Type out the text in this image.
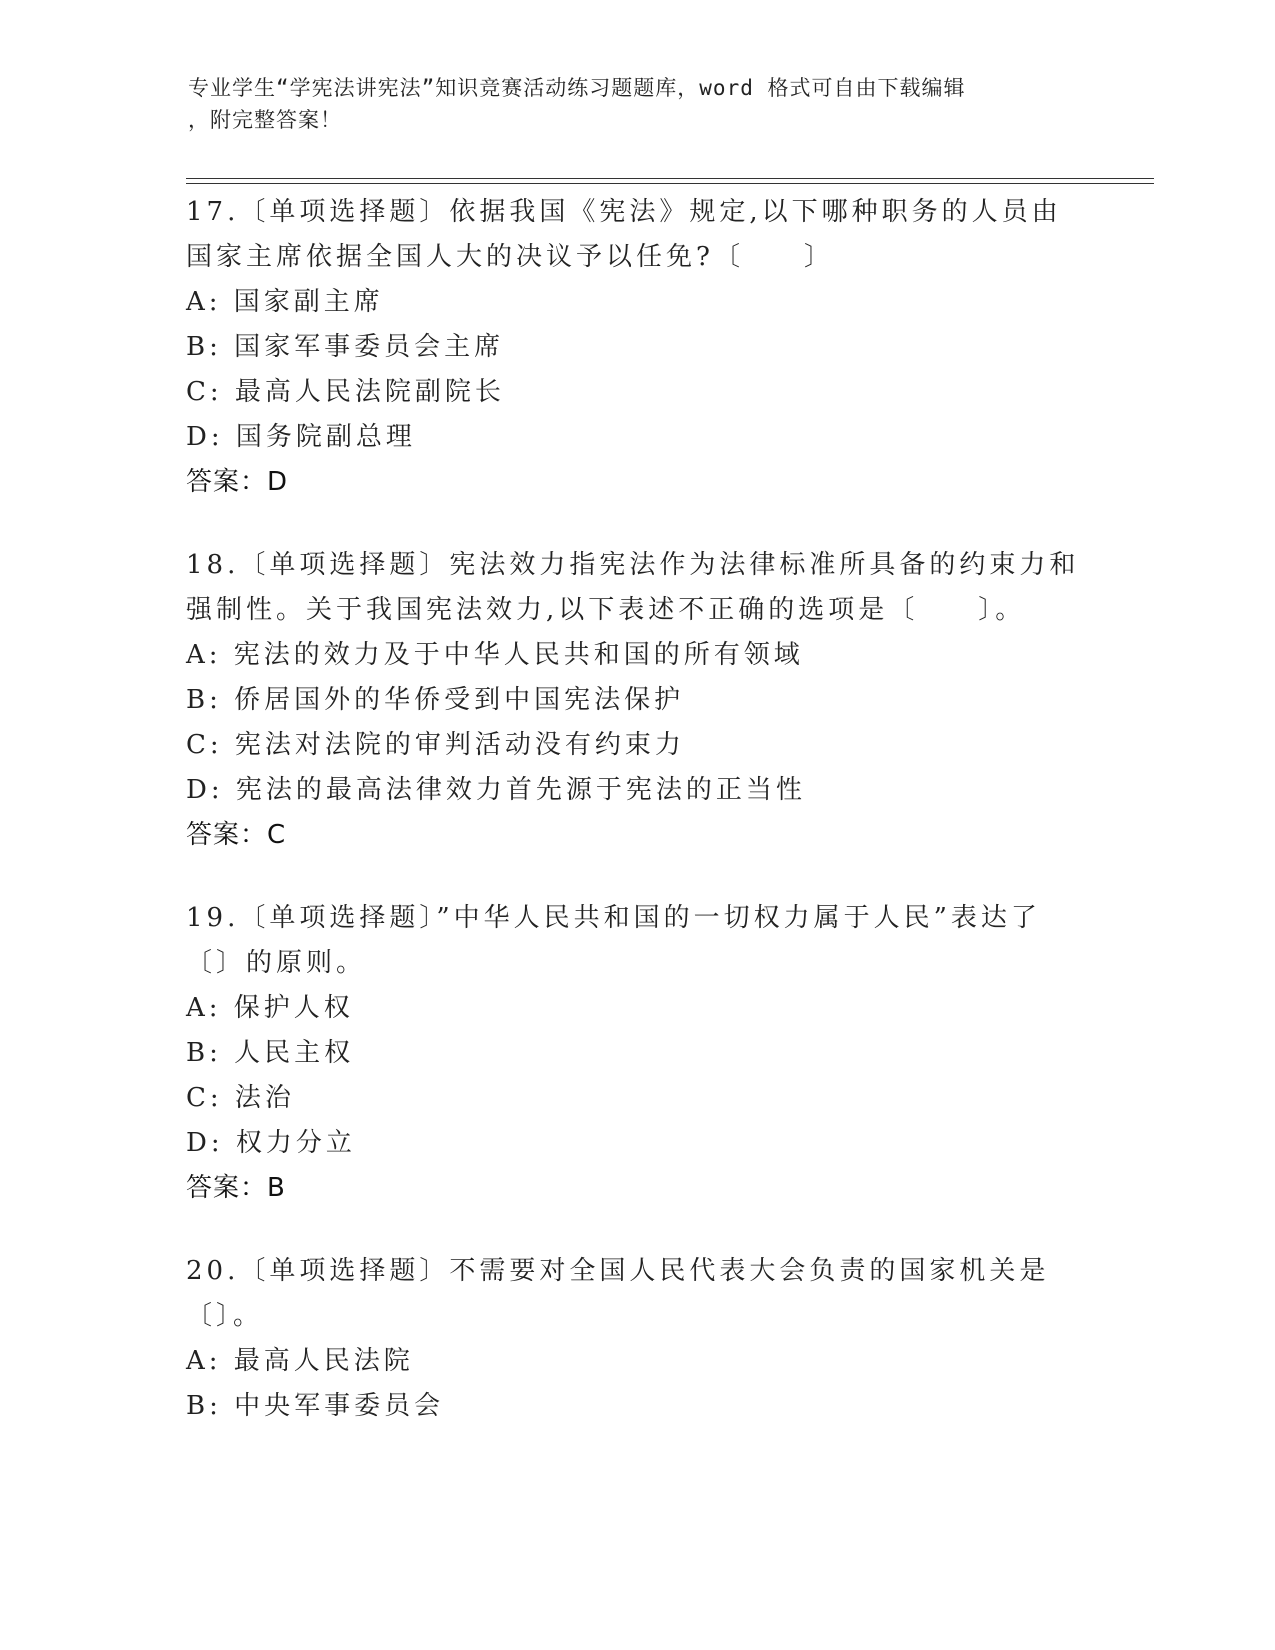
专业学生“学宪法讲宪法”知识竞赛活动练习题题库，word 格式可自由下载编辑
，附完整答案！
17.〔单项选择题〕依据我国《宪法》规定,以下哪种职务的人员由国家主席依据全国人大的决议予以任免?〔　　〕
A: 国家副主席
B: 国家军事委员会主席
C: 最高人民法院副院长
D: 国务院副总理
答案：D
18.〔单项选择题〕宪法效力指宪法作为法律标准所具备的约束力和强制性。关于我国宪法效力,以下表述不正确的选项是〔　　〕。
A: 宪法的效力及于中华人民共和国的所有领域
B: 侨居国外的华侨受到中国宪法保护
C: 宪法对法院的审判活动没有约束力
D: 宪法的最高法律效力首先源于宪法的正当性
答案：C
19.〔单项选择题〕”中华人民共和国的一切权力属于人民”表达了〔〕的原则。
A: 保护人权
B: 人民主权
C: 法治
D: 权力分立
答案：B
20.〔单项选择题〕不需要对全国人民代表大会负责的国家机关是〔〕。
A: 最高人民法院
B: 中央军事委员会
